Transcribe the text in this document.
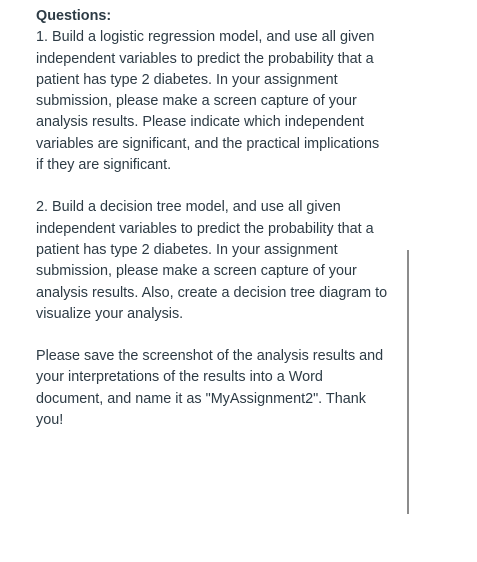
Questions:

1. Build a logistic regression model, and use all given
independent variables to predict the probability that a
patient has type 2 diabetes. In your assignment
submission, please make a screen capture of your
analysis results. Please indicate which independent
variables are significant, and the practical implications
if they are significant.

2. Build a decision tree model, and use all given
independent variables to predict the probability that a
patient has type 2 diabetes. In your assignment
submission, please make a screen capture of your
analysis results. Also, create a decision tree diagram to
visualize your analysis.

Please save the screenshot of the analysis results and
your interpretations of the results into a Word
document, and name it as "MyAssignment2". Thank
you!
